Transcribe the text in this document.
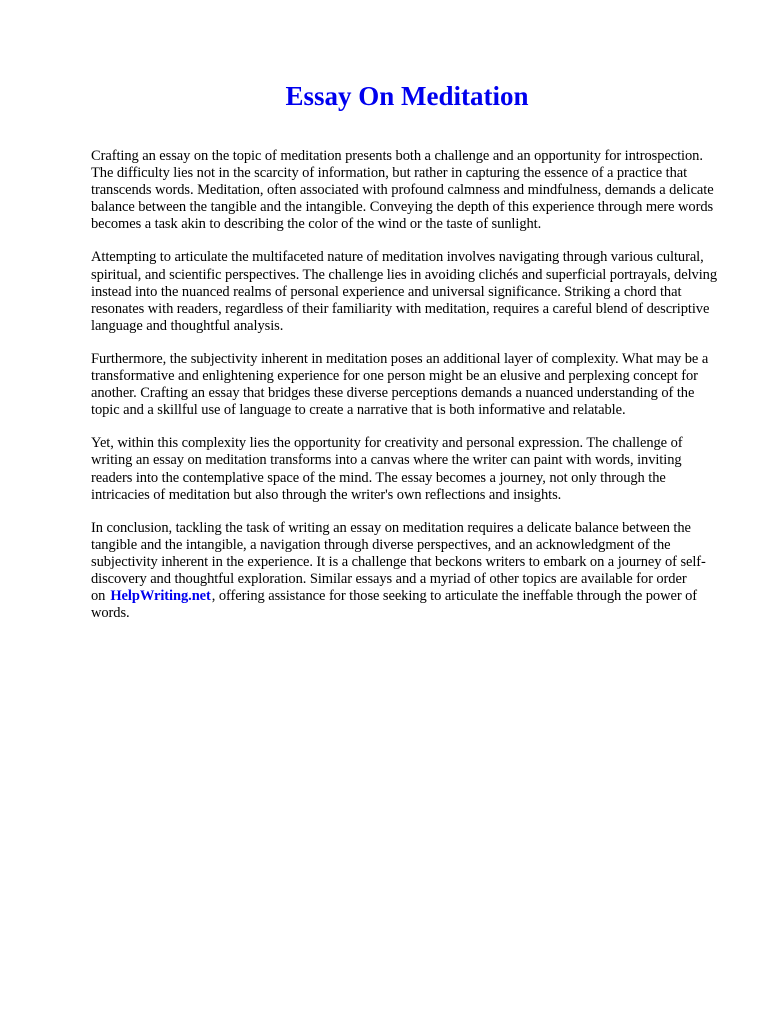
Essay On Meditation

Crafting an essay on the topic of meditation presents both a challenge and an opportunity for introspection. The difficulty lies not in the scarcity of information, but rather in capturing the essence of a practice that transcends words. Meditation, often associated with profound calmness and mindfulness, demands a delicate balance between the tangible and the intangible. Conveying the depth of this experience through mere words becomes a task akin to describing the color of the wind or the taste of sunlight.

Attempting to articulate the multifaceted nature of meditation involves navigating through various cultural, spiritual, and scientific perspectives. The challenge lies in avoiding clichés and superficial portrayals, delving instead into the nuanced realms of personal experience and universal significance. Striking a chord that resonates with readers, regardless of their familiarity with meditation, requires a careful blend of descriptive language and thoughtful analysis.

Furthermore, the subjectivity inherent in meditation poses an additional layer of complexity. What may be a transformative and enlightening experience for one person might be an elusive and perplexing concept for another. Crafting an essay that bridges these diverse perceptions demands a nuanced understanding of the topic and a skillful use of language to create a narrative that is both informative and relatable.

Yet, within this complexity lies the opportunity for creativity and personal expression. The challenge of writing an essay on meditation transforms into a canvas where the writer can paint with words, inviting readers into the contemplative space of the mind. The essay becomes a journey, not only through the intricacies of meditation but also through the writer's own reflections and insights.

In conclusion, tackling the task of writing an essay on meditation requires a delicate balance between the tangible and the intangible, a navigation through diverse perspectives, and an acknowledgment of the subjectivity inherent in the experience. It is a challenge that beckons writers to embark on a journey of self-discovery and thoughtful exploration. Similar essays and a myriad of other topics are available for order on HelpWriting.net, offering assistance for those seeking to articulate the ineffable through the power of words.
